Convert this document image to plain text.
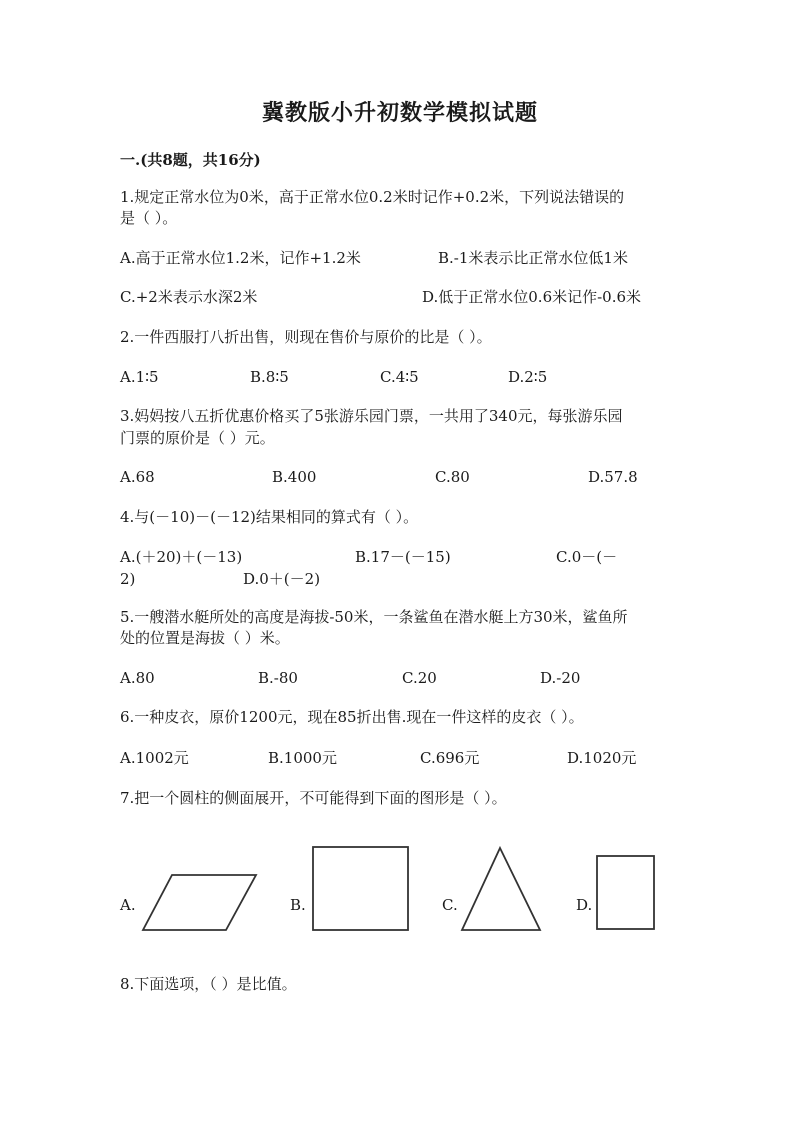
冀教版小升初数学模拟试题
一.(共8题，共16分)
1.规定正常水位为0米，高于正常水位0.2米时记作+0.2米，下列说法错误的
是（ ）。
A.高于正常水位1.2米，记作+1.2米	B.-1米表示比正常水位低1米
C.+2米表示水深2米	D.低于正常水位0.6米记作-0.6米
2.一件西服打八折出售，则现在售价与原价的比是（ ）。
A.1∶5	B.8∶5	C.4∶5	D.2∶5
3.妈妈按八五折优惠价格买了5张游乐园门票，一共用了340元，每张游乐园
门票的原价是（ ）元。
A.68	B.400	C.80	D.57.8
4.与(－10)－(－12)结果相同的算式有（ ）。
A.(＋20)＋(－13)	B.17－(－15)	C.0－(－
2)	D.0＋(－2)
5.一艘潜水艇所处的高度是海拔-50米，一条鲨鱼在潜水艇上方30米，鲨鱼所
处的位置是海拔（ ）米。
A.80	B.-80	C.20	D.-20
6.一种皮衣，原价1200元，现在85折出售.现在一件这样的皮衣（ ）。
A.1002元	B.1000元	C.696元	D.1020元
7.把一个圆柱的侧面展开，不可能得到下面的图形是（ ）。
A.	B.	C.	D.
8.下面选项，（ ）是比值。
